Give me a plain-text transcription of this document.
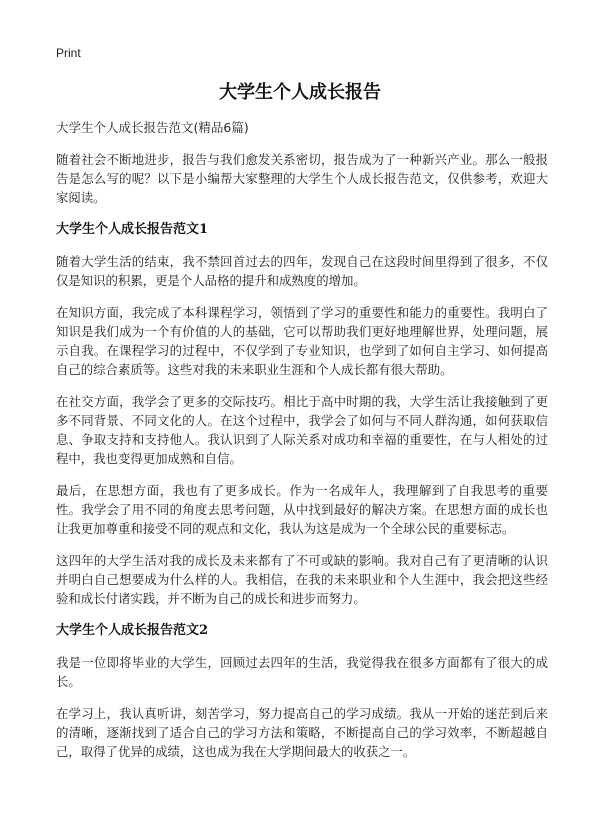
Print
大学生个人成长报告
大学生个人成长报告范文(精品6篇)

随着社会不断地进步，报告与我们愈发关系密切，报告成为了一种新兴产业。那么一般报告是怎么写的呢？以下是小编帮大家整理的大学生个人成长报告范文，仅供参考，欢迎大家阅读。

大学生个人成长报告范文1

随着大学生活的结束，我不禁回首过去的四年，发现自己在这段时间里得到了很多，不仅仅是知识的积累，更是个人品格的提升和成熟度的增加。

在知识方面，我完成了本科课程学习，领悟到了学习的重要性和能力的重要性。我明白了知识是我们成为一个有价值的人的基础，它可以帮助我们更好地理解世界，处理问题，展示自我。在课程学习的过程中，不仅学到了专业知识，也学到了如何自主学习、如何提高自己的综合素质等。这些对我的未来职业生涯和个人成长都有很大帮助。

在社交方面，我学会了更多的交际技巧。相比于高中时期的我，大学生活让我接触到了更多不同背景、不同文化的人。在这个过程中，我学会了如何与不同人群沟通，如何获取信息、争取支持和支持他人。我认识到了人际关系对成功和幸福的重要性，在与人相处的过程中，我也变得更加成熟和自信。

最后，在思想方面，我也有了更多成长。作为一名成年人，我理解到了自我思考的重要性。我学会了用不同的角度去思考问题，从中找到最好的解决方案。在思想方面的成长也让我更加尊重和接受不同的观点和文化，我认为这是成为一个全球公民的重要标志。

这四年的大学生活对我的成长及未来都有了不可或缺的影响。我对自己有了更清晰的认识并明白自己想要成为什么样的人。我相信，在我的未来职业和个人生涯中，我会把这些经验和成长付诸实践，并不断为自己的成长和进步而努力。

大学生个人成长报告范文2

我是一位即将毕业的大学生，回顾过去四年的生活，我觉得我在很多方面都有了很大的成长。

在学习上，我认真听讲，刻苦学习，努力提高自己的学习成绩。我从一开始的迷茫到后来的清晰，逐渐找到了适合自己的学习方法和策略，不断提高自己的学习效率，不断超越自己，取得了优异的成绩，这也成为我在大学期间最大的收获之一。
